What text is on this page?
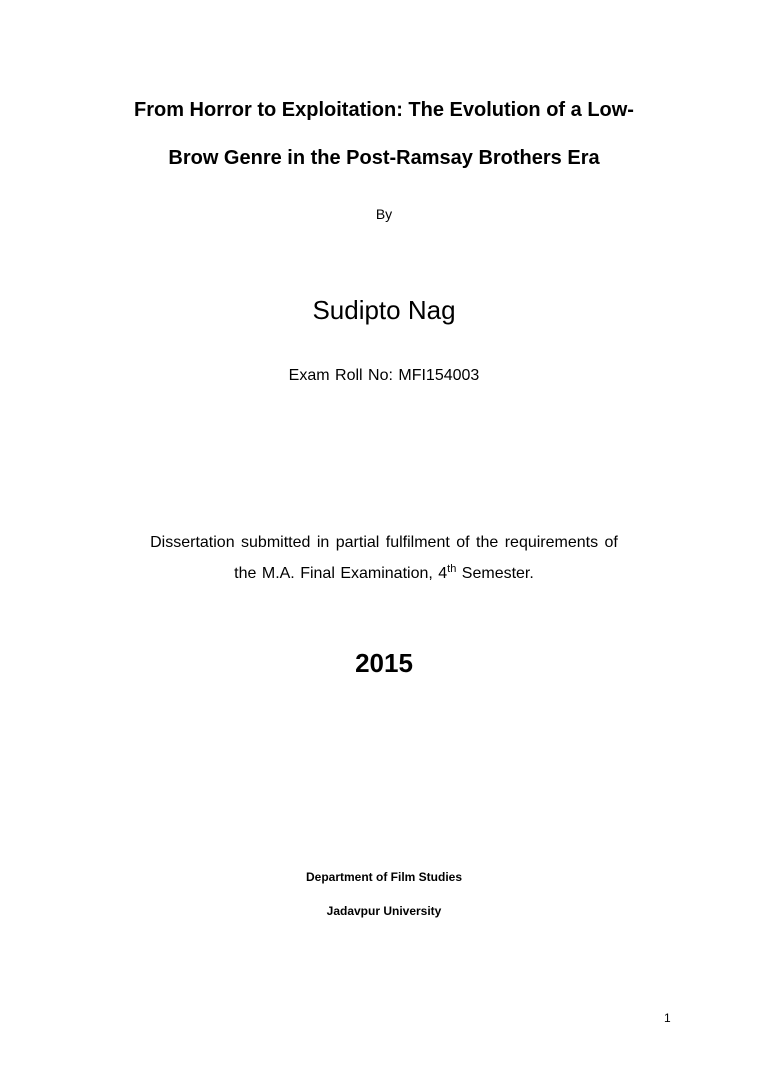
From Horror to Exploitation: The Evolution of a Low-
Brow Genre in the Post-Ramsay Brothers Era
By
Sudipto Nag
Exam Roll No: MFI154003
Dissertation submitted in partial fulfilment of the requirements of
the M.A. Final Examination, 4th Semester.
2015
Department of Film Studies
Jadavpur University
1
